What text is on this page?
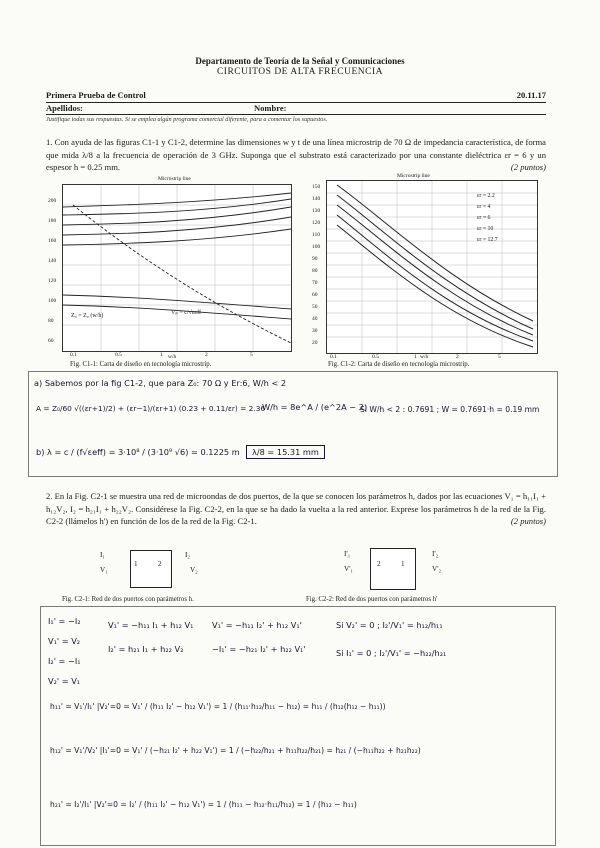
Departamento de Teoría de la Señal y Comunicaciones
CIRCUITOS DE ALTA FRECUENCIA
Primera Prueba de Control	20.11.17
Apellidos:	Nombre:
Justifique todas sus respuestas. Si se emplea algún programa comercial diferente, para a comentar los supuestos.
1. Con ayuda de las figuras C1-1 y C1-2, determine las dimensiones w y t de una línea microstrip de 70 Ω de impedancia característica, de forma que mida λ/8 a la frecuencia de operación de 3 GHz. Suponga que el substrato está caracterizado por una constante dieléctrica εr = 6 y un espesor h = 0.25 mm.	(2 puntos)
Microstrip line
Z₀ = Z₀ (w/h)	Vₚ = c/√εeff
200
180
160
140
120
100
80
60
0.1	0.5	1	2	5
w/h
Fig. C1-1: Carta de diseño en tecnología microstrip.
Microstrip line
εr = 2.2
εr = 4
εr = 6
εr = 10
εr = 12.7
150
140
130
120
110
100
90
80
70
60
50
40
30
20
0.1	0.5	1	2	5
w/h
Fig. C1-2: Carta de diseño en tecnología microstrip.
a) Sabemos por la fig C1-2, que para Z₀: 70 Ω y Er:6, W/h < 2
A = Z₀/60 √((εr+1)/2) + (εr−1)/(εr+1) (0.23 + 0.11/εr) = 2.36
W/h = 8e^A / (e^2A − 2)
Si W/h < 2 : 0.7691 ; W = 0.7691·h = 0.19 mm
b) λ = c / (f√εeff) = 3·10⁸ / (3·10⁹ √6) = 0.1225 m	λ/8 = 15.31 mm
2. En la Fig. C2-1 se muestra una red de microondas de dos puertos, de la que se conocen los parámetros h, dados por las ecuaciones V₁ = h₁₁I₁ + h₁₂V₂, I₂ = h₂₁I₁ + h₂₂V₂. Considérese la Fig. C2-2, en la que se ha dado la vuelta a la red anterior. Exprese los parámetros h de la red de la Fig. C2-2 (llámelos h') en función de los de la red de la Fig. C2-1.	(2 puntos)
I₁
V₁
1	2
I₂
V₂
Fig. C2-1: Red de dos puertos con parámetros h.
I'₁
V'₁
2	1
I'₂
V'₂
Fig. C2-2: Red de dos puertos con parámetros h'
I₁' = −I₂
V₁' = V₂
I₂' = −I₁
V₂' = V₁
V₁' = −h₁₁ I₁ + h₁₂ V₁
I₂' = h₂₁ I₁ + h₂₂ V₂
V₁' = −h₁₁ I₂' + h₁₂ V₁'
−I₁' = −h₂₁ I₂' + h₂₂ V₁'
Si V₂' = 0 ; I₂'/V₁' = h₁₂/h₁₁
Si I₁' = 0 ; I₂'/V₁' = −h₂₂/h₂₁
h₁₁' = V₁'/I₁' |V₂'=0 = V₁' / (h₁₁ I₂' − h₁₂ V₁') = 1 / (h₁₁·h₁₂/h₁₁ − h₁₂) = h₁₁ / (h₁₂(h₁₂ − h₁₁))
h₁₂' = V₁'/V₂' |I₁'=0 = V₁' / (−h₂₁ I₂' + h₂₂ V₁') = 1 / (−h₂₂/h₂₁ + h₁₁h₂₂/h₂₁) = h₂₁ / (−h₁₁h₂₂ + h₂₁h₂₂)
h₂₁' = I₂'/I₁' |V₂'=0 = I₂' / (h₁₁ I₂' − h₁₂ V₁') = 1 / (h₁₁ − h₁₂·h₁₁/h₁₂) = 1 / (h₁₂ − h₁₁)
